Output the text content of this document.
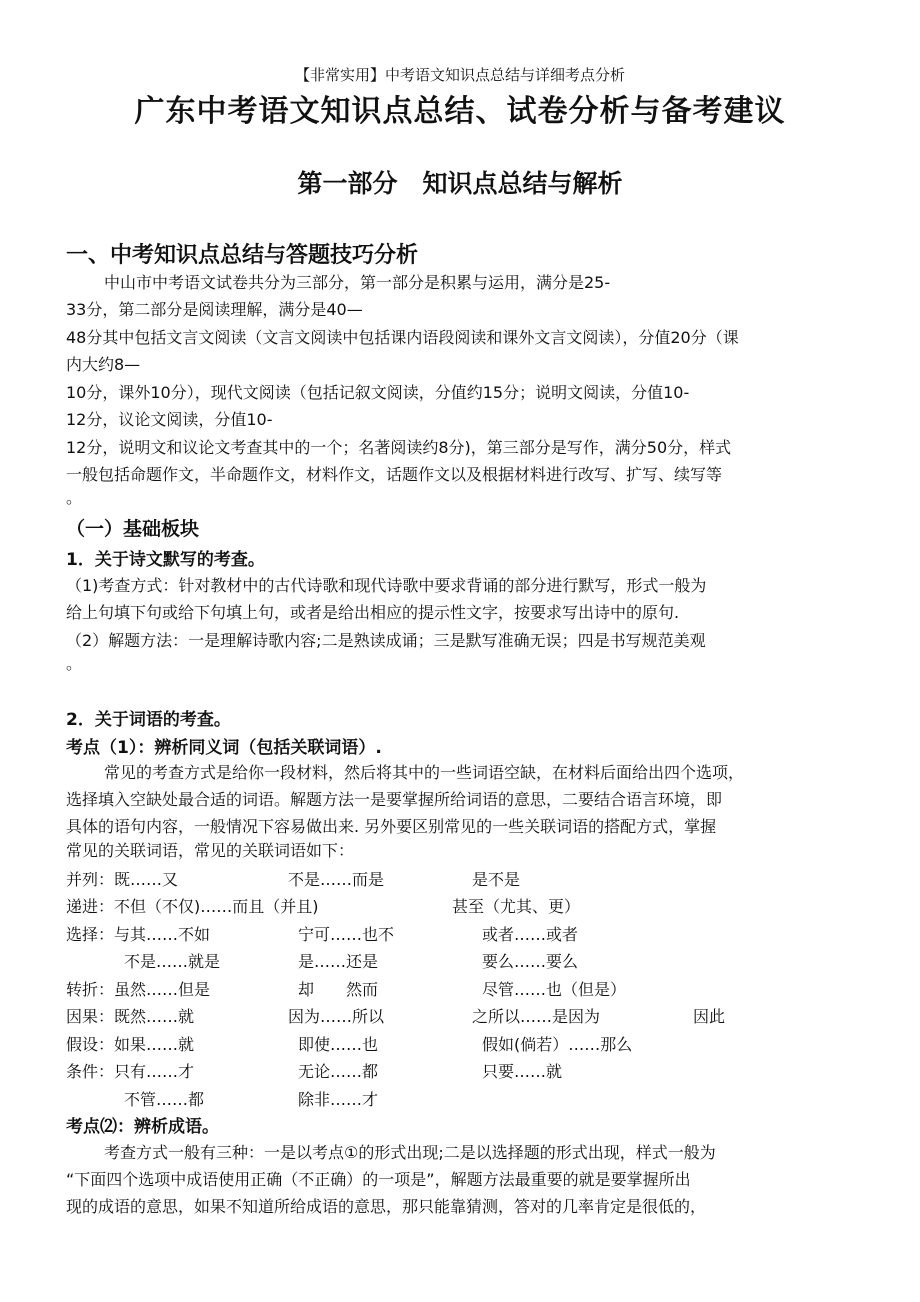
【非常实用】中考语文知识点总结与详细考点分析
广东中考语文知识点总结、试卷分析与备考建议
第一部分　知识点总结与解析
一、中考知识点总结与答题技巧分析
中山市中考语文试卷共分为三部分，第一部分是积累与运用，满分是25-
33分，第二部分是阅读理解，满分是40—
48分其中包括文言文阅读（文言文阅读中包括课内语段阅读和课外文言文阅读），分值20分（课
内大约8—
10分，课外10分），现代文阅读（包括记叙文阅读，分值约15分；说明文阅读，分值10-
12分，议论文阅读，分值10-
12分，说明文和议论文考查其中的一个；名著阅读约8分)，第三部分是写作，满分50分，样式
一般包括命题作文，半命题作文，材料作文，话题作文以及根据材料进行改写、扩写、续写等
。
（一）基础板块
1．关于诗文默写的考查。
（1)考查方式：针对教材中的古代诗歌和现代诗歌中要求背诵的部分进行默写，形式一般为
给上句填下句或给下句填上句，或者是给出相应的提示性文字，按要求写出诗中的原句.
（2）解题方法：一是理解诗歌内容;二是熟读成诵；三是默写准确无误；四是书写规范美观
。
2．关于词语的考查。
考点（1）：辨析同义词（包括关联词语）.
常见的考查方式是给你一段材料，然后将其中的一些词语空缺，在材料后面给出四个选项，
选择填入空缺处最合适的词语。解题方法一是要掌握所给词语的意思，二要结合语言环境，即
具体的语句内容，一般情况下容易做出来. 另外要区别常见的一些关联词语的搭配方式，掌握
常见的关联词语，常见的关联词语如下：
并列：既……又	不是……而是	是不是
递进：不但（不仅)……而且（并且)	甚至（尤其、更）
选择：与其……不如	宁可……也不	或者……或者
不是……就是	是……还是	要么……要么
转折：虽然……但是	却　　然而	尽管……也（但是）
因果：既然……就	因为……所以	之所以……是因为	因此
假设：如果……就	即使……也	假如(倘若）……那么
条件：只有……才	无论……都	只要……就
不管……都	除非……才
考点⑵：辨析成语。
考查方式一般有三种：一是以考点①的形式出现;二是以选择题的形式出现，样式一般为
“下面四个选项中成语使用正确（不正确）的一项是”，解题方法最重要的就是要掌握所出
现的成语的意思，如果不知道所给成语的意思，那只能靠猜测，答对的几率肯定是很低的，
